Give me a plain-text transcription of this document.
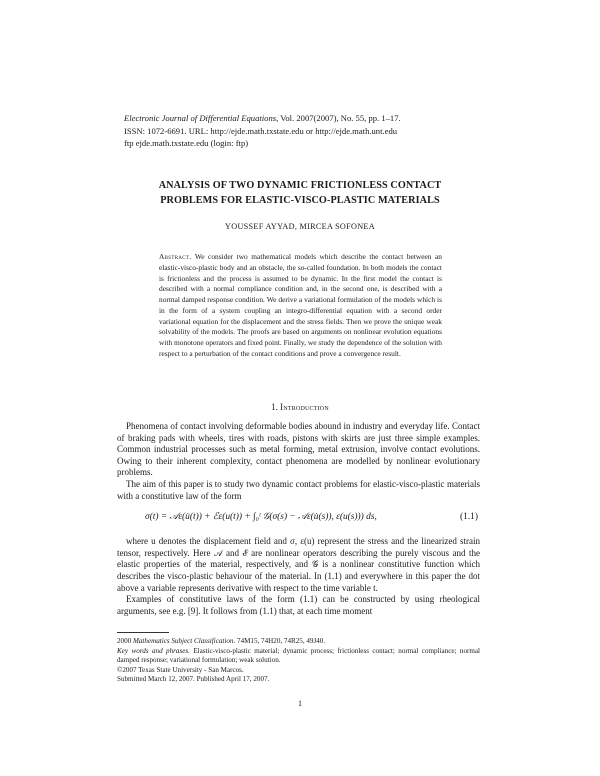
Electronic Journal of Differential Equations, Vol. 2007(2007), No. 55, pp. 1–17.
ISSN: 1072-6691. URL: http://ejde.math.txstate.edu or http://ejde.math.unt.edu
ftp ejde.math.txstate.edu (login: ftp)
ANALYSIS OF TWO DYNAMIC FRICTIONLESS CONTACT
PROBLEMS FOR ELASTIC-VISCO-PLASTIC MATERIALS
YOUSSEF AYYAD, MIRCEA SOFONEA
Abstract. We consider two mathematical models which describe the contact between an elastic-visco-plastic body and an obstacle, the so-called foundation. In both models the contact is frictionless and the process is assumed to be dynamic. In the first model the contact is described with a normal compliance condition and, in the second one, is described with a normal damped response condition. We derive a variational formulation of the models which is in the form of a system coupling an integro-differential equation with a second order variational equation for the displacement and the stress fields. Then we prove the unique weak solvability of the models. The proofs are based on arguments on nonlinear evolution equations with monotone operators and fixed point. Finally, we study the dependence of the solution with respect to a perturbation of the contact conditions and prove a convergence result.
1. Introduction

Phenomena of contact involving deformable bodies abound in industry and everyday life. Contact of braking pads with wheels, tires with roads, pistons with skirts are just three simple examples. Common industrial processes such as metal forming, metal extrusion, involve contact evolutions. Owing to their inherent complexity, contact phenomena are modelled by nonlinear evolutionary problems.

The aim of this paper is to study two dynamic contact problems for elastic-visco-plastic materials with a constitutive law of the form

σ(t) = 𝒜ε(u̇(t)) + ℰε(u(t)) + ∫₀ᵗ 𝒢(σ(s) − 𝒜ε(u̇(s)), ε(u(s))) ds,	(1.1)

where u denotes the displacement field and σ, ε(u) represent the stress and the linearized strain tensor, respectively. Here 𝒜 and ℰ are nonlinear operators describing the purely viscous and the elastic properties of the material, respectively, and 𝒢 is a nonlinear constitutive function which describes the visco-plastic behaviour of the material. In (1.1) and everywhere in this paper the dot above a variable represents derivative with respect to the time variable t.

Examples of constitutive laws of the form (1.1) can be constructed by using rheological arguments, see e.g. [9]. It follows from (1.1) that, at each time moment

2000 Mathematics Subject Classification. 74M15, 74H20, 74R25, 49J40.

Key words and phrases. Elastic-visco-plastic material; dynamic process; frictionless contact; normal compliance; normal damped response; variational formulation; weak solution.

©2007 Texas State University - San Marcos.

Submitted March 12, 2007. Published April 17, 2007.

1
